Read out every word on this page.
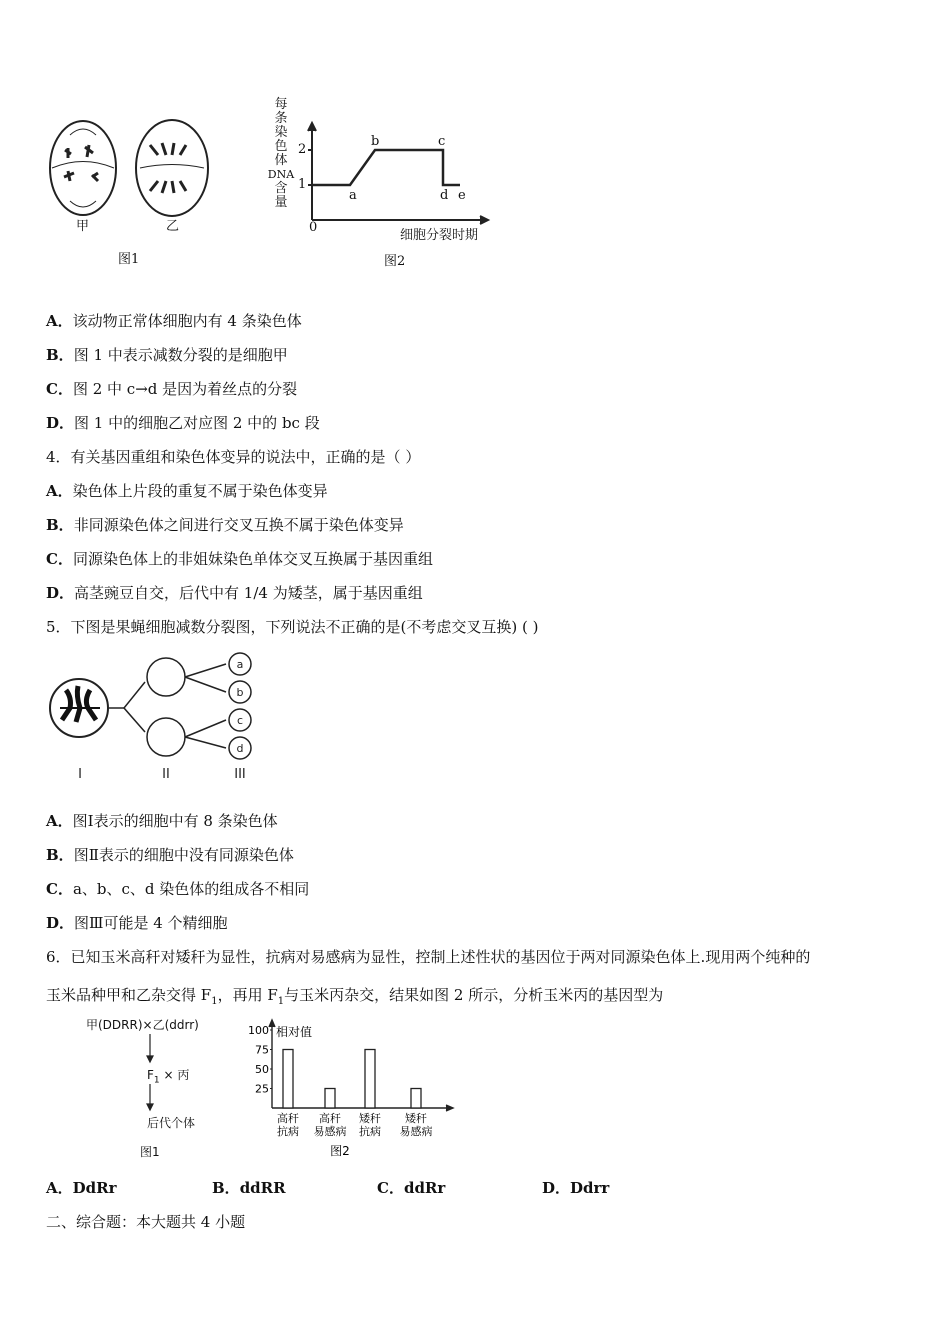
甲	乙
图1
每
条
染
色
体
DNA
含
量
2
1
0
a
b	c
d e
细胞分裂时期
图2
A．该动物正常体细胞内有 4 条染色体
B．图 1 中表示减数分裂的是细胞甲
C．图 2 中 c→d 是因为着丝点的分裂
D．图 1 中的细胞乙对应图 2 中的 bc 段
4．有关基因重组和染色体变异的说法中，正确的是（ ）
A．染色体上片段的重复不属于染色体变异
B．非同源染色体之间进行交叉互换不属于染色体变异
C．同源染色体上的非姐妹染色单体交叉互换属于基因重组
D．高茎豌豆自交，后代中有 1/4 为矮茎，属于基因重组
5．下图是果蝇细胞减数分裂图，下列说法不正确的是(不考虑交叉互换) ( )
a
b
c
d
I	II	III
A．图Ⅰ表示的细胞中有 8 条染色体
B．图Ⅱ表示的细胞中没有同源染色体
C．a、b、c、d 染色体的组成各不相同
D．图Ⅲ可能是 4 个精细胞
6．已知玉米高秆对矮秆为显性，抗病对易感病为显性，控制上述性状的基因位于两对同源染色体上.现用两个纯种的
玉米品种甲和乙杂交得 $F_1$，再用 $F_1$与玉米丙杂交，结果如图 2 所示，分析玉米丙的基因型为
甲(DDRR)×乙(ddrr)
$F_1$ × 丙
后代个体
图1
相对值
100
75
50
25
高秆
抗病
高秆
易感病
矮秆
抗病
矮秆
易感病
图2
A．DdRr	B．ddRR	C．ddRr	D．Ddrr
二、综合题：本大题共 4 小题
